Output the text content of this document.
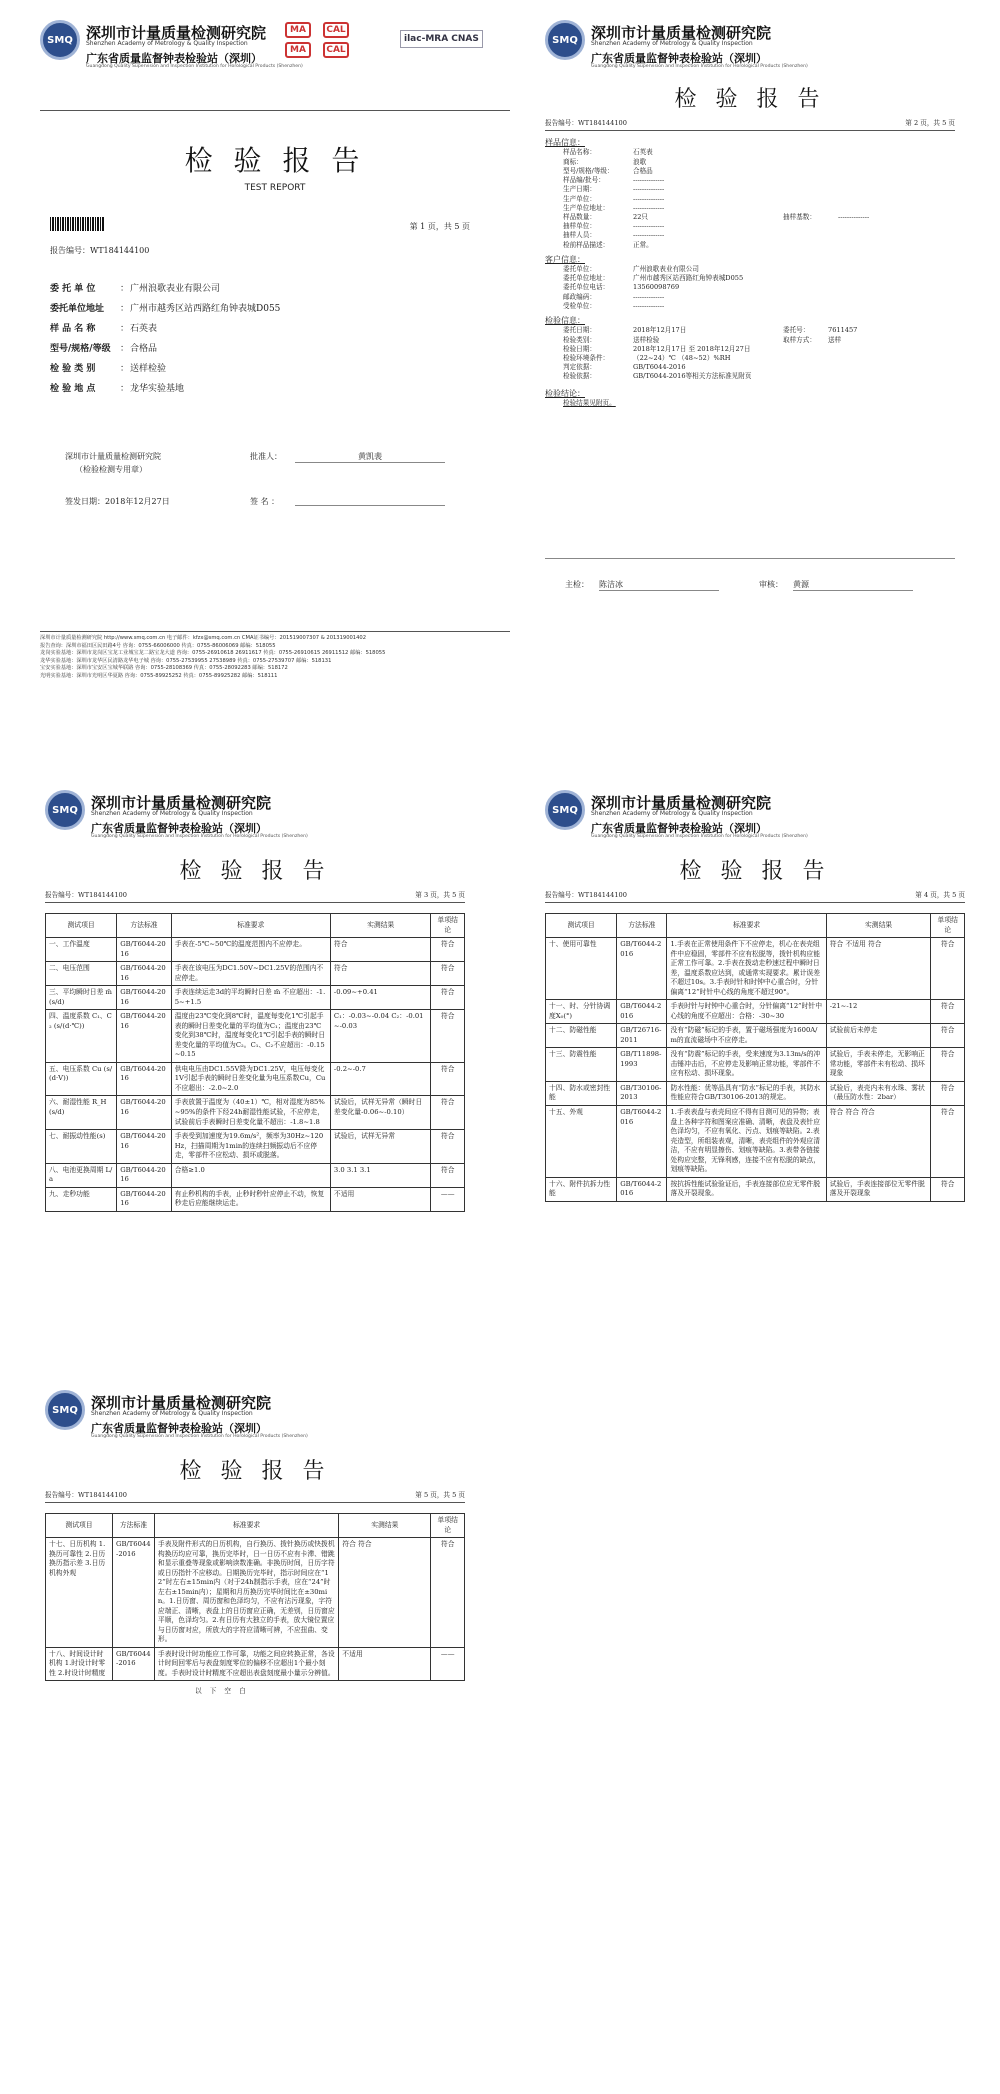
SMQ 深圳市计量质量检测研究院
Shenzhen Academy of Metrology & Quality Inspection
广东省质量监督钟表检验站（深圳）
Guangdong Quality Supervision and Inspection Institution for Horological Products (Shenzhen)
MA	CAL
MA	CAL
ilac-MRA CNAS
检 验 报 告
TEST REPORT
第 1 页，共 5 页
报告编号：WT184144100
委 托 单 位	： 广州浪歌表业有限公司
委托单位地址	： 广州市越秀区站西路红角钟表城D055
样 品 名 称	： 石英表
型号/规格/等级	： 合格品
检 验 类 别	： 送样检验
检 验 地 点	： 龙华实验基地
深圳市计量质量检测研究院
（检验检测专用章）
批准人：	黄凯裴
签发日期：2018年12月27日	签 名 ：
深圳市计量质量检测研究院 http://www.smq.com.cn 电子邮件：kfzx@smq.com.cn CMA证书编号：201519007307 & 201319001402
报告查询：深圳市福田区民田路4号 咨询：0755-66006000 传真：0755-86006069 邮编：518055
龙岗实验基地：深圳市龙岗区宝龙工业城宝龙二路宝龙大道 咨询：0755-26910618 26911617 传真：0755-26910615 26911512 邮编：518055
龙华实验基地：深圳市龙华区民清路龙华电子城 咨询：0755-27539955 27538989 传真：0755-27539707 邮编：518131
宝安实验基地：深圳市宝安区宝城华联路 咨询：0755-28108369 传真：0755-28092283 邮编：518172
光明实验基地：深圳市光明区华夏路 咨询：0755-89925252 传真：0755-89925282 邮编：518111
SMQ 深圳市计量质量检测研究院
Shenzhen Academy of Metrology & Quality Inspection
广东省质量监督钟表检验站（深圳）
Guangdong Quality Supervision and Inspection Institution for Horological Products (Shenzhen)
检 验 报 告
报告编号：WT184144100	第 2 页，共 5 页
样品信息：
样品名称：	石英表
商标：	浪歌
型号/规格/等级：	合格品
样品编/批号：	--------------
生产日期：	--------------
生产单位：	--------------
生产单位地址：	--------------
样品数量：	22只	抽样基数：	--------------
抽样单位：	--------------
抽样人员：	--------------
检前样品描述：	正常。
客户信息：
委托单位：	广州浪歌表业有限公司
委托单位地址：	广州市越秀区站西路红角钟表城D055
委托单位电话：	13560098769
邮政编码：	--------------
受检单位：	--------------
检验信息：
委托日期：	2018年12月17日	委托号：	7611457
检验类别：	送样检验	取样方式：	送样
检验日期：	2018年12月17日 至 2018年12月27日
检验环境条件：	（22~24）℃ （48~52）%RH
判定依据：	GB/T6044-2016
检验依据：	GB/T6044-2016等相关方法标准见附页
检验结论：
检验结果见附页。
主检： 陈洁冰	审核： 黄源
SMQ 深圳市计量质量检测研究院
Shenzhen Academy of Metrology & Quality Inspection
广东省质量监督钟表检验站（深圳）
Guangdong Quality Supervision and Inspection Institution for Horological Products (Shenzhen)
检 验 报 告
报告编号：WT184144100	第 3 页，共 5 页
测试项目	方法标准	标准要求	实测结果	单项结论
一、工作温度	GB/T6044-2016	手表在-5℃~50℃的温度范围内不应停走。	符合	符合
二、电压范围	GB/T6044-2016	手表在该电压为DC1.50V~DC1.25V的范围内不应停走。	符合	符合
三、平均瞬时日差 m̄ (s/d)	GB/T6044-2016	手表连续运走3d的平均瞬时日差 m̄ 不应超出：-1.5~+1.5	-0.09~+0.41	符合
四、温度系数 C₁、C₂ (s/(d·℃))	GB/T6044-2016	温度由23℃变化到8℃时，温度每变化1℃引起手表的瞬时日差变化量的平均值为C₁；温度由23℃变化到38℃时，温度每变化1℃引起手表的瞬时日差变化量的平均值为C₂。C₁、C₂不应超出：-0.15~0.15	C₁：-0.03~-0.04 C₂：-0.01~-0.03	符合
五、电压系数 Cu (s/(d·V))	GB/T6044-2016	供电电压由DC1.55V降为DC1.25V，电压每变化1V引起手表的瞬时日差变化量为电压系数Cu，Cu不应超出：-2.0~2.0	-0.2~-0.7	符合
六、耐湿性能 R_H (s/d)	GB/T6044-2016	手表放置于温度为（40±1）℃，相对湿度为85%~95%的条件下经24h耐湿性能试验，不应停走，试验前后手表瞬时日差变化量不超出：-1.8~1.8	试验后，试样无异常（瞬时日差变化量-0.06~-0.10）	符合
七、耐振动性能(s)	GB/T6044-2016	手表受到加速度为19.6m/s²，频率为30Hz~120Hz，扫描周期为1min的连续扫频振动后不应停走，零部件不应松动、损坏或脱落。	试验后，试样无异常	符合
八、电池更换周期 L/a	GB/T6044-2016	合格≥1.0	3.0 3.1 3.1	符合
九、走秒功能	GB/T6044-2016	有止秒机构的手表，止秒时秒针应停止不动，恢复秒走后应能继续运走。	不适用	——
SMQ 深圳市计量质量检测研究院
Shenzhen Academy of Metrology & Quality Inspection
广东省质量监督钟表检验站（深圳）
Guangdong Quality Supervision and Inspection Institution for Horological Products (Shenzhen)
检 验 报 告
报告编号：WT184144100	第 4 页，共 5 页
测试项目	方法标准	标准要求	实测结果	单项结论
十、使用可靠性	GB/T6044-2016	1.手表在正常使用条件下不应停走，机心在表壳组件中应稳固，零部件不应有松脱等，拨针机构应能正常工作可靠。2.手表在拨动走秒速过程中瞬时日差，温度系数应达到，或通常实现要求。累计误差不超过10s。3.手表时针和时钟中心重合时，分针偏离“12”时针中心线的角度不超过90°。	符合 不适用 符合	符合
十一、时、分针协调度X₀(°)	GB/T6044-2016	手表时针与时钟中心重合时，分针偏离“12”时针中心线的角度不应超出：合格：-30~30	-21~-12	符合
十二、防磁性能	GB/T26716-2011	没有“防磁”标记的手表，置于磁场强度为1600A/m的直流磁场中不应停走。	试验前后未停走	符合
十三、防震性能	GB/T11898-1993	没有“防震”标记的手表，受来速度为3.13m/s的冲击锤冲击后，不应停走及影响正常功能，零部件不应有松动、损坏现象。	试验后，手表未停走，无影响正常功能，零部件未有松动、损坏现象	符合
十四、防水或密封性能	GB/T30106-2013	防水性能：优等品具有“防水”标记的手表，其防水性能应符合GB/T30106-2013的规定。	试验后，表壳内未有水珠、雾状（最压防水性：2bar）	符合
十五、外观	GB/T6044-2016	1.手表表盘与表壳间应不得有目测可见的异物；表盘上各种字符和图案应准确、清晰，表盘及表针应色泽均匀，不应有氧化、污点、划痕等缺陷。2.表壳造型，所组装表观，清晰，表壳组件的外观应清洁，不应有明显擦伤、划痕等缺陷。3.表带各链接处构应完整，无锋利感，连接不应有松脱的缺点，划痕等缺陷。	符合 符合 符合	符合
十六、附件抗拆力性能	GB/T6044-2016	按抗拆性能试验验证后，手表连接部位应无零件脱落及开裂现象。	试验后，手表连接部位无零件脱落及开裂现象	符合
SMQ 深圳市计量质量检测研究院
Shenzhen Academy of Metrology & Quality Inspection
广东省质量监督钟表检验站（深圳）
Guangdong Quality Supervision and Inspection Institution for Horological Products (Shenzhen)
检 验 报 告
报告编号：WT184144100	第 5 页，共 5 页
测试项目	方法标准	标准要求	实测结果	单项结论
十七、日历机构 1.换历可靠性 2.日历换历指示差 3.日历机构外观	GB/T6044-2016	手表及附件形式的日历机构，自行换历、拨针换历或快拨机构换历均应可靠，换历完毕时，日一日历不应有卡滞、错跳和显示重叠等现象或影响读数准确。非换历时间，日历字符或日历指针不应移动。日期换历完毕时，指示时间应在“12”时左右±15min内（对于24h制指示手表，应在“24”时左右±15min内）；星期和月历换历完毕时间比在±30min。1.日历窗、周历窗和色泽均匀，不应有沾污现象，字符应端正、清晰，表盘上的日历窗应正确，无差别，日历窗应平顺，色泽均匀。2.有日历有大独立的手表，放大镜位置应与日历窗对应，所放大的字符应清晰可辨，不应扭曲、变形。	符合 符合	符合
十八、时间设计时机构 1.时设计时零性 2.时设计时精度	GB/T6044-2016	手表时设计时功能应工作可靠，功能之间应转换正常，各设计时间回零后与表盘刻度零位的偏移不应超出1个最小刻度。手表时设计时精度不应超出表盘刻度最小量示分辨值。	不适用	——
以 下 空 白
